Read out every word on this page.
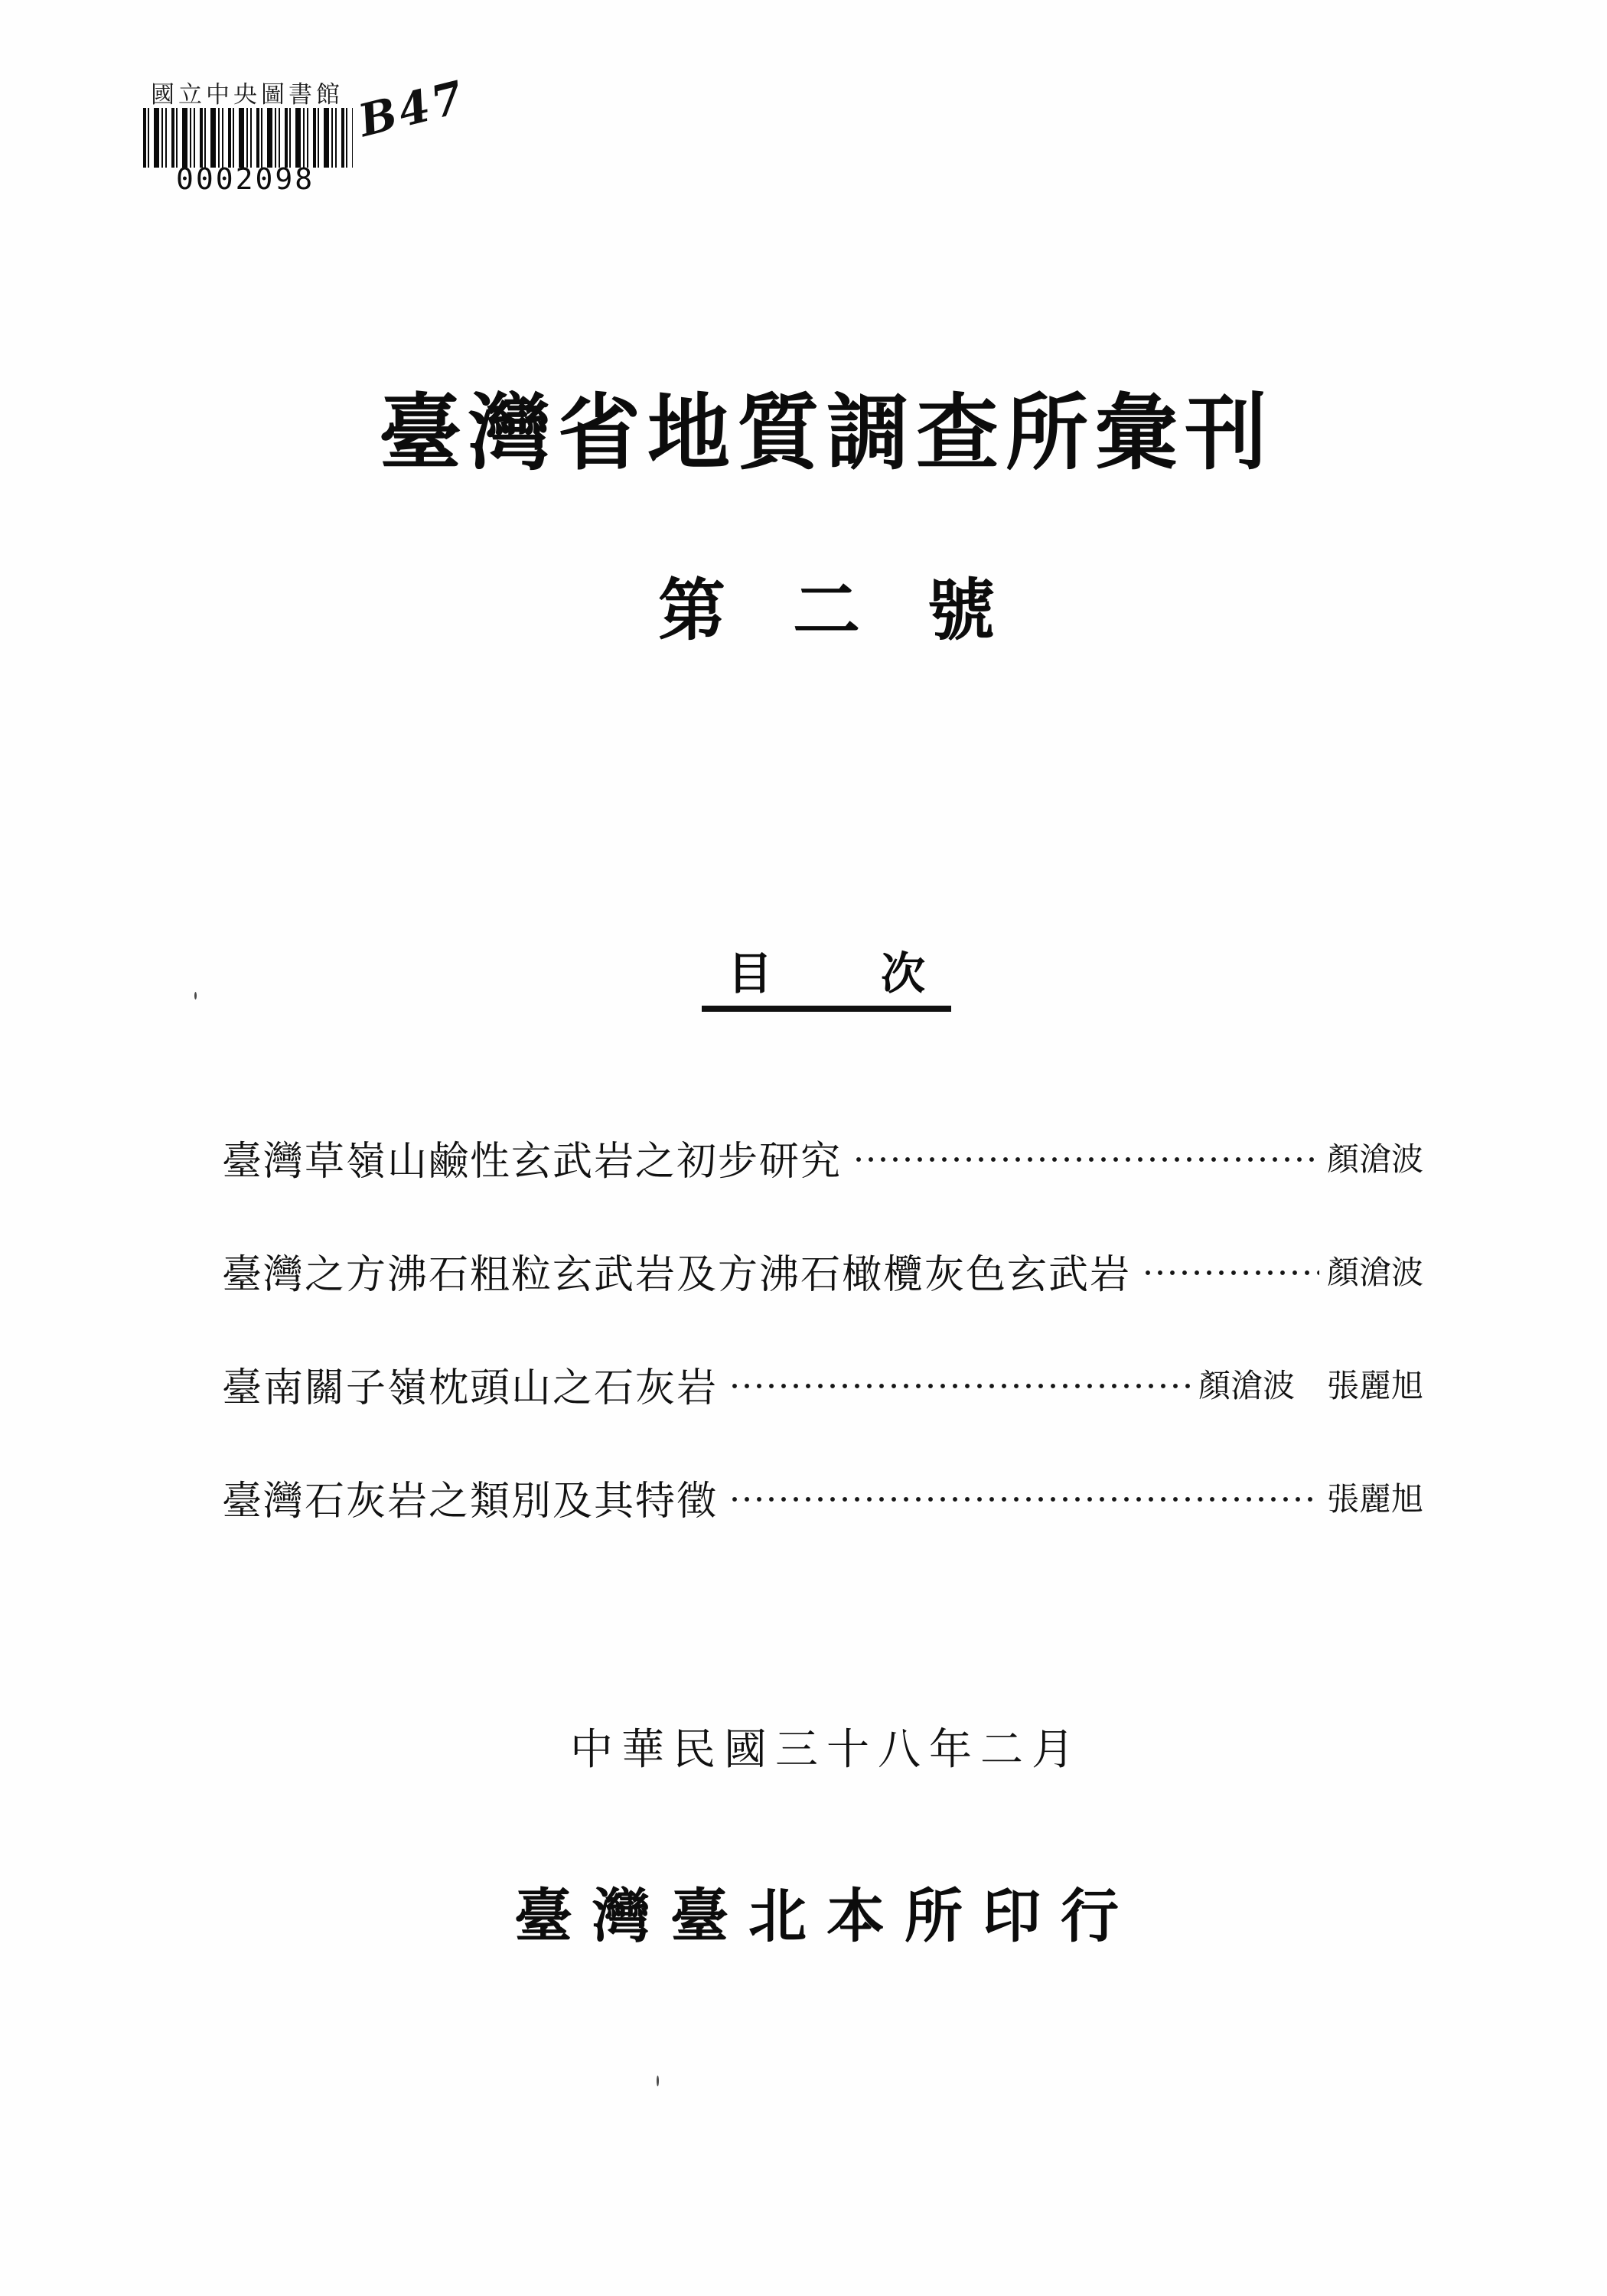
國立中央圖書館
0002098
B47
臺灣省地質調查所彙刊
第 二 號
目 次
臺灣草嶺山鹼性玄武岩之初步研究	顏滄波
臺灣之方沸石粗粒玄武岩及方沸石橄欖灰色玄武岩	顏滄波
臺南關子嶺枕頭山之石灰岩	顏滄波　張麗旭
臺灣石灰岩之類別及其特徵	張麗旭
中華民國三十八年二月
臺灣臺北本所印行
